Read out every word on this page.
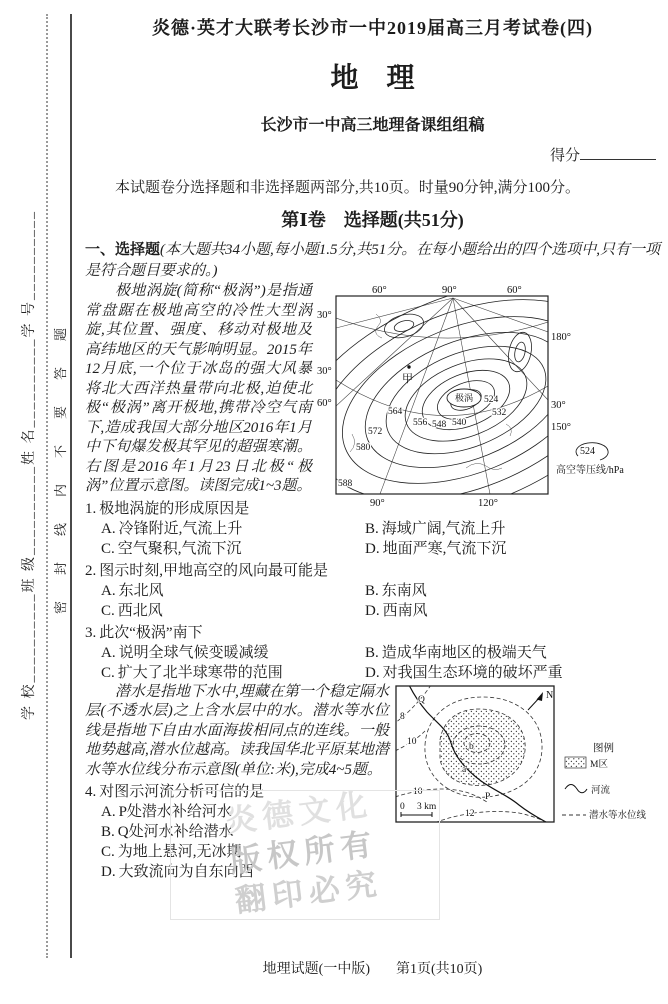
学 校__________班 级__________姓 名__________学 号__________ 密封线内不要答题
炎德·英才大联考长沙市一中2019届高三月考试卷(四)
地　理
长沙市一中高三地理备课组组稿
得分
本试题卷分选择题和非选择题两部分,共10页。时量90分钟,满分100分。
第Ⅰ卷　选择题(共51分)
一、选择题(本大题共34小题,每小题1.5分,共51分。在每小题给出的四个选项中,只有一项是符合题目要求的。)
极涡
甲
588
580
572
564
556 548 540
532
524
60°	90°	60°
30°
30°
60°
180°
30°
150°
90°	120°
524
高空等压线/hPa
极地涡旋(简称“极涡”)是指通常盘踞在极地高空的冷性大型涡旋,其位置、强度、移动对极地及高纬地区的天气影响明显。2015年12月底,一个位于冰岛的强大风暴将北大西洋热量带向北极,迫使北极“极涡”离开极地,携带冷空气南下,造成我国大部分地区2016年1月中下旬爆发极其罕见的超强寒潮。右图是2016年1月23日北极“极涡”位置示意图。读图完成1~3题。
1. 极地涡旋的形成原因是
A. 冷锋附近,气流上升	B. 海域广阔,气流上升
C. 空气聚积,气流下沉	D. 地面严寒,气流下沉
2. 图示时刻,甲地高空的风向最可能是
A. 东北风	B. 东南风
C. 西北风	D. 西南风
3. 此次“极涡”南下
A. 说明全球气候变暖减缓	B. 造成华南地区的极端天气
C. 扩大了北半球寒带的范围	D. 对我国生态环境的破坏严重
N
Q
P
b
a
8
10
10
12
0 3 km
图例
M区
河流
潜水等水位线
潜水是指地下水中,埋藏在第一个稳定隔水层(不透水层)之上含水层中的水。潜水等水位线是指地下自由水面海拔相同点的连线。一般地势越高,潜水位越高。读我国华北平原某地潜水等水位线分布示意图(单位:米),完成4~5题。
4. 对图示河流分析可信的是
A. P处潜水补给河水
B. Q处河水补给潜水
C. 为地上悬河,无冰期
D. 大致流向为自东向西
炎德文化
版权所有
翻印必究
地理试题(一中版) 第1页(共10页)
